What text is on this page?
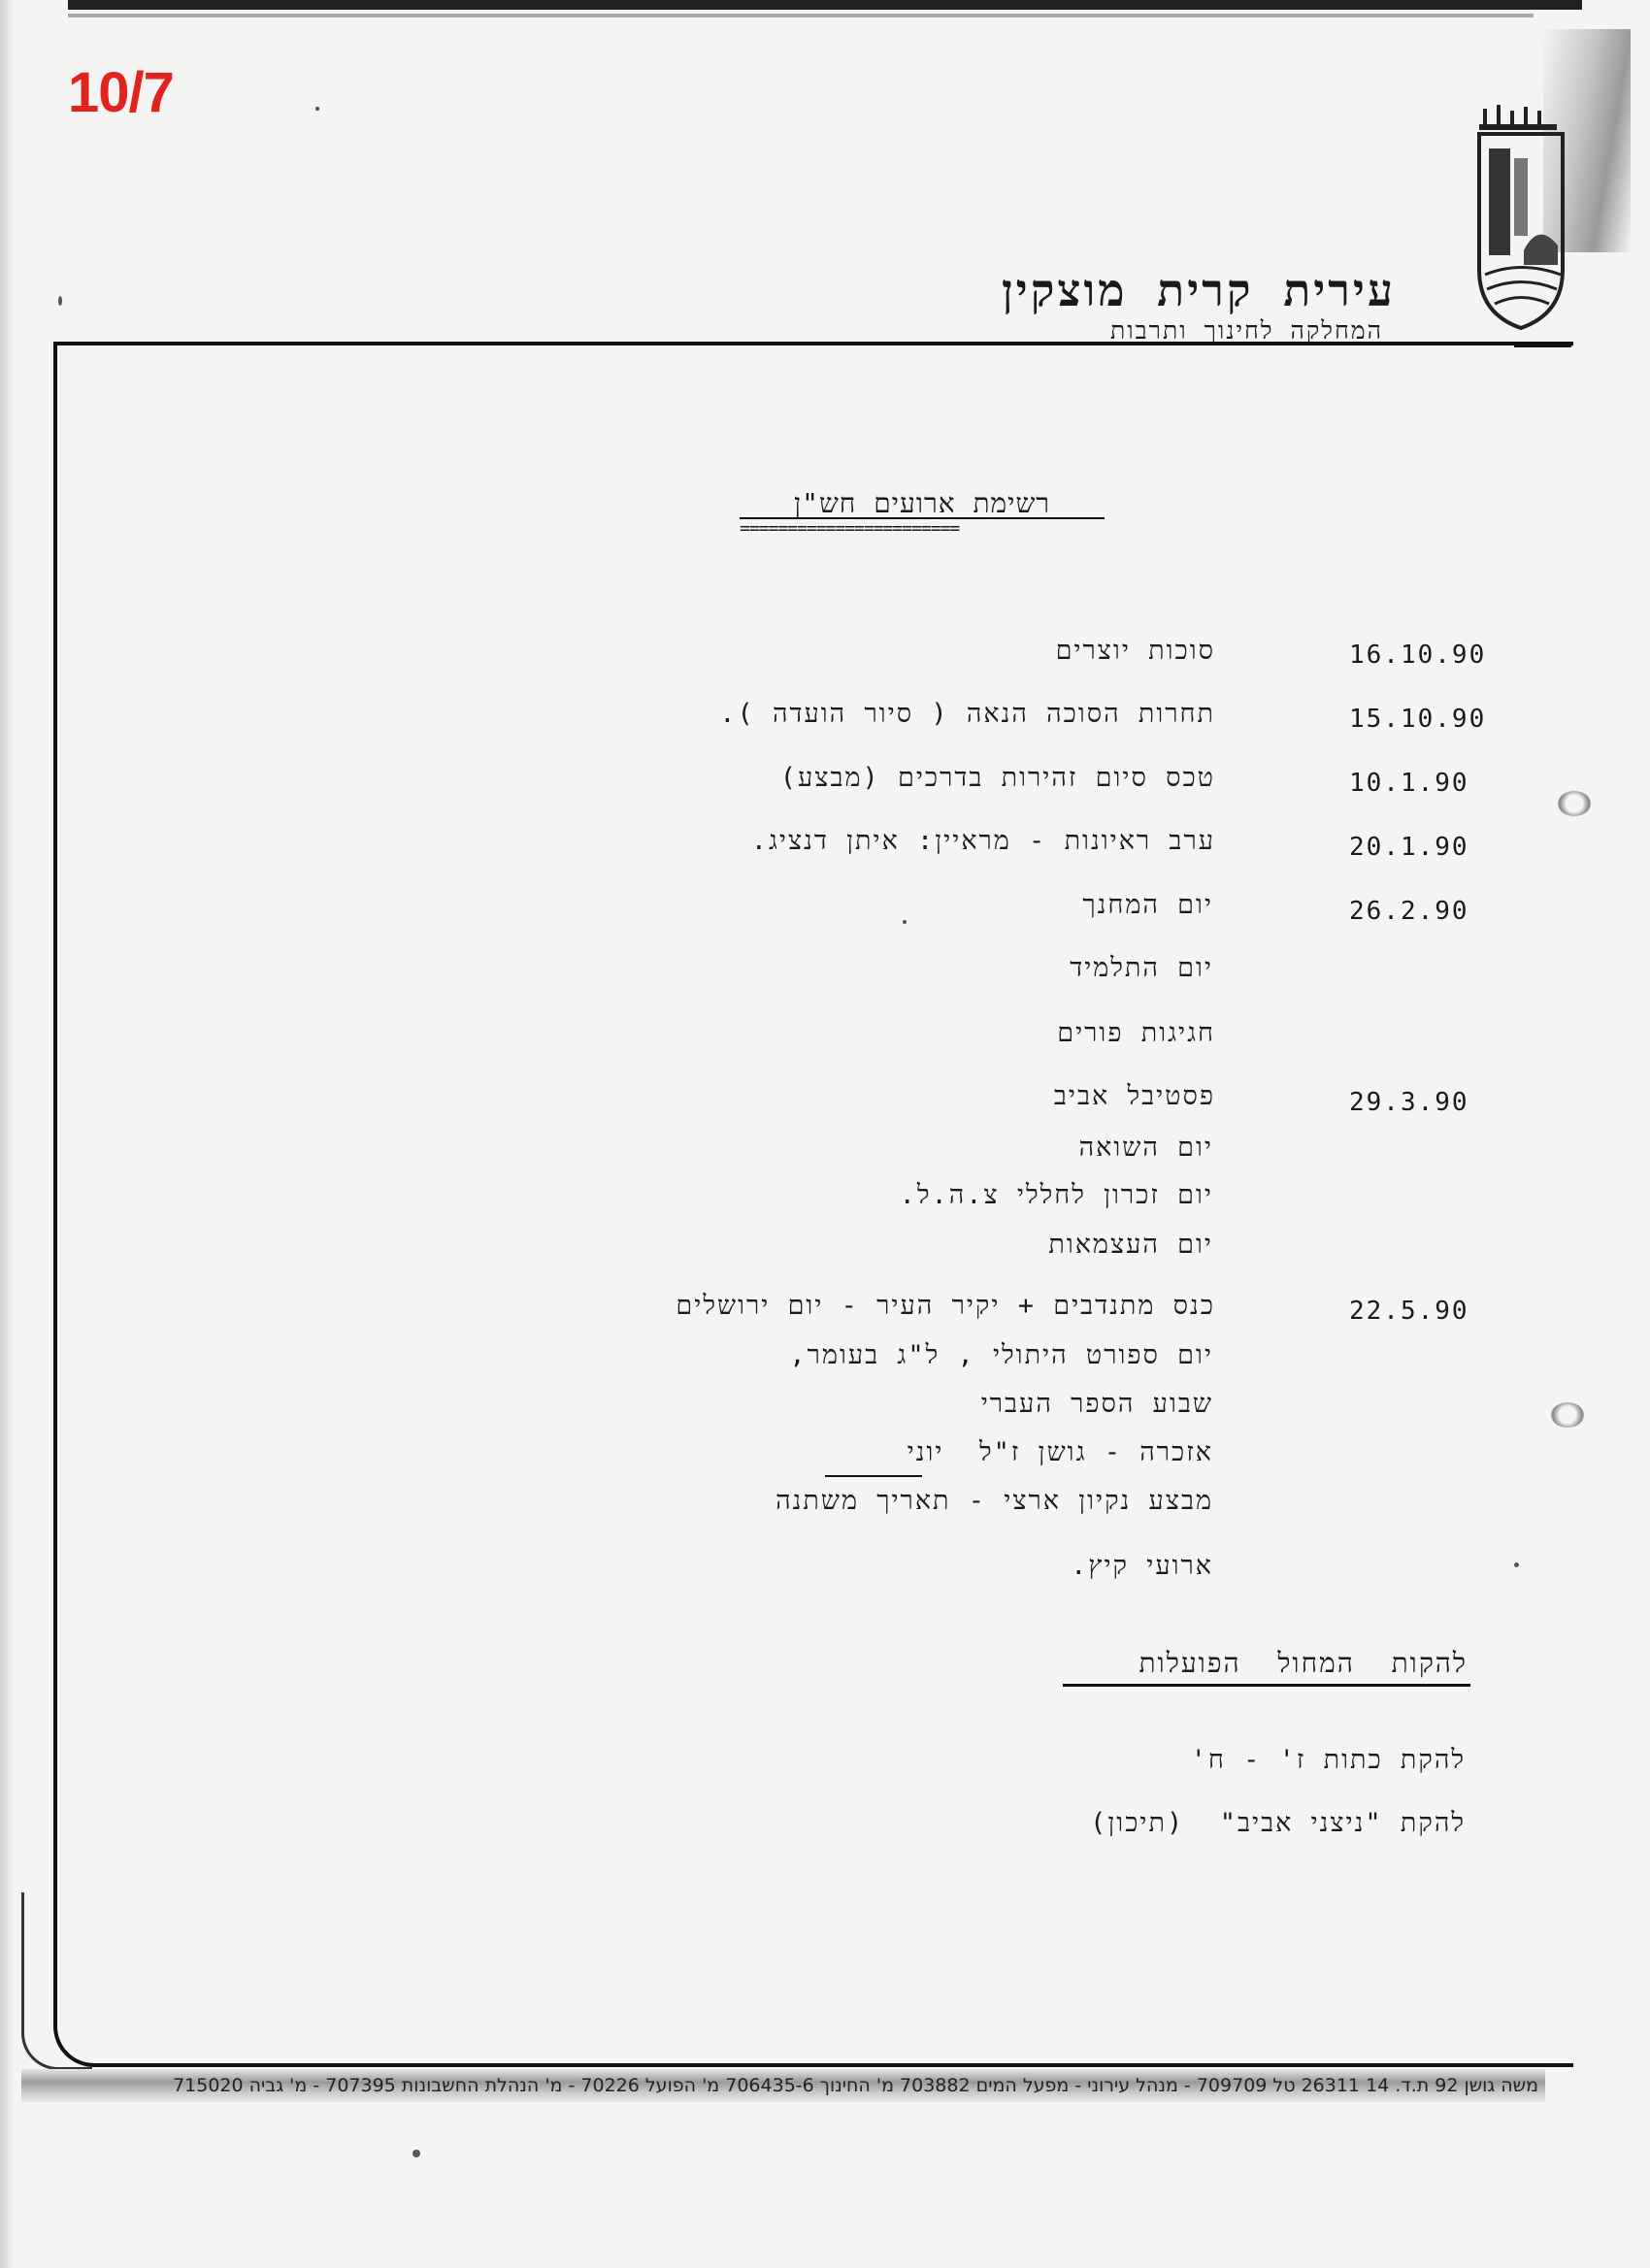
10/7
עירית קרית מוצקין
המחלקה לחינוך ותרבות
רשימת ארועים חש"ן
=======================
סוכות יוצרים	16.10.90
תחרות הסוכה הנאה ( סיור הועדה ).	15.10.90
טכס סיום זהירות בדרכים (מבצע)	10.1.90
ערב ראיונות - מראיין: איתן דנציג.	20.1.90
יום המחנך	26.2.90
יום התלמיד
חגיגות פורים
פסטיבל אביב	29.3.90
יום השואה
יום זכרון לחללי צ.ה.ל.
יום העצמאות
כנס מתנדבים + יקיר העיר - יום ירושלים	22.5.90
יום ספורט היתולי , ל"ג בעומר,
שבוע הספר העברי
אזכרה - גושן ז"ל  יוני
מבצע נקיון ארצי - תאריך משתנה
ארועי קיץ.
להקות  המחול  הפועלות
להקת כתות ז' - ח'
להקת "ניצני אביב"  (תיכון)
משה גושן 92 ת.ד. 14 26311 טל 709709 - מנהל עירוני - מפעל המים 703882 מ' החינוך 706435-6 מ' הפועל 70226 - מ' הנהלת החשבונות 707395 - מ' גביה 715020
